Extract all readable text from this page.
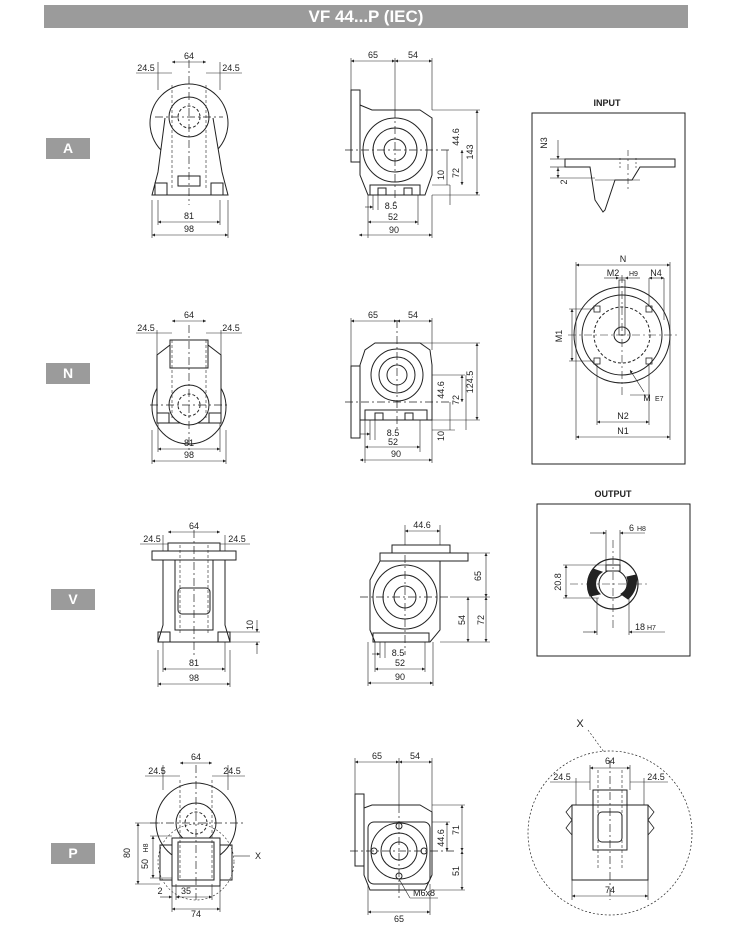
VF 44...P (IEC)
A
N
V
P
64
24.5	24.5
81
98
65	54
44.6
143
10 72
8.5
52
90
INPUT
N3
2
N
M2 H9 N4
M1
M E7
N2
N1
64
24.5	24.5
81
98
65	54
124.5
44.6
72
10
8.5
52
90
64
24.5	24.5
10
81
98
44.6
65
54 72
8.5
52
90
OUTPUT
6 H8
20.8
18 H7
64
24.5	24.5
80
50
H8
X
2 35
74
65	54
44.6 71
51
M6x8
65
X
64
24.5	24.5
74
